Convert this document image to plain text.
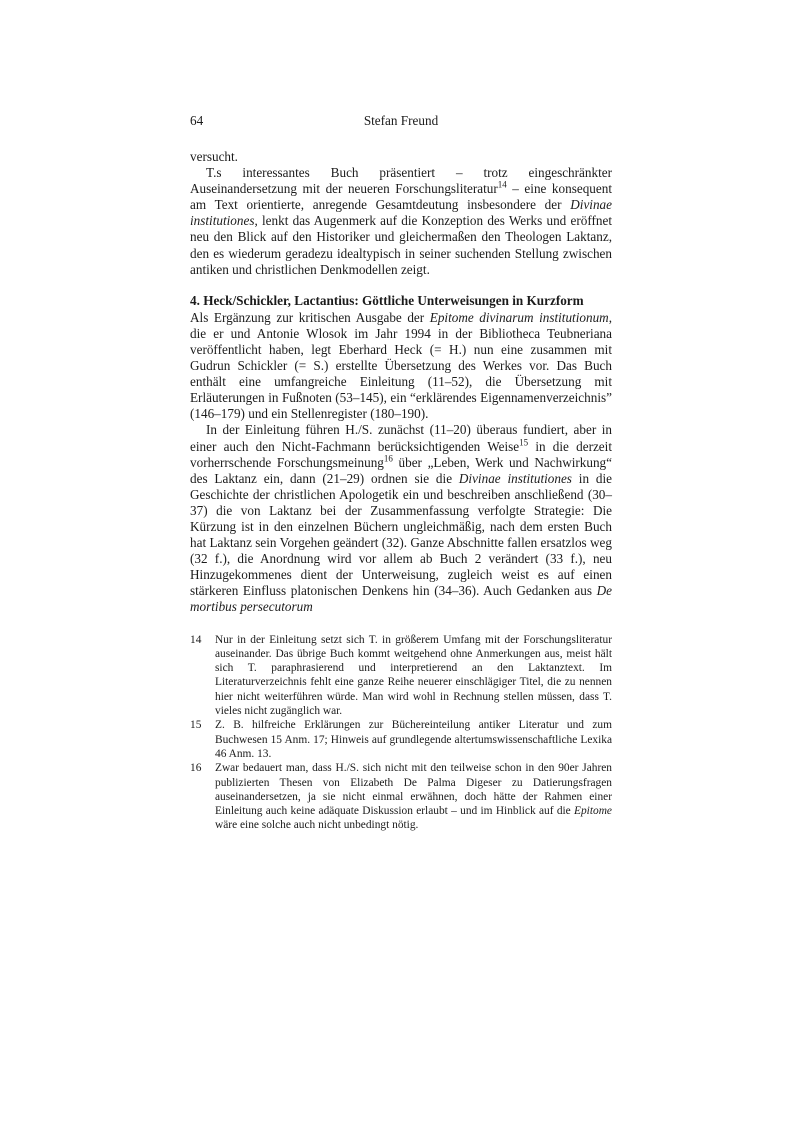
64	Stefan Freund

versucht.

T.s interessantes Buch präsentiert – trotz eingeschränkter Auseinandersetzung mit der neueren Forschungsliteratur$^{14}$ – eine konsequent am Text orientierte, anregende Gesamtdeutung insbesondere der Divinae institutiones, lenkt das Augenmerk auf die Konzeption des Werks und eröffnet neu den Blick auf den Historiker und gleichermaßen den Theologen Laktanz, den es wiederum geradezu idealtypisch in seiner suchenden Stellung zwischen antiken und christlichen Denkmodellen zeigt.

4. Heck/Schickler, Lactantius: Göttliche Unterweisungen in Kurzform

Als Ergänzung zur kritischen Ausgabe der Epitome divinarum institutionum, die er und Antonie Wlosok im Jahr 1994 in der Bibliotheca Teubneriana veröffentlicht haben, legt Eberhard Heck (= H.) nun eine zusammen mit Gudrun Schickler (= S.) erstellte Übersetzung des Werkes vor. Das Buch enthält eine umfangreiche Einleitung (11–52), die Übersetzung mit Erläuterungen in Fußnoten (53–145), ein “erklärendes Eigennamenverzeichnis” (146–179) und ein Stellenregister (180–190).

In der Einleitung führen H./S. zunächst (11–20) überaus fundiert, aber in einer auch den Nicht-Fachmann berücksichtigenden Weise$^{15}$ in die derzeit vorherrschende Forschungsmeinung$^{16}$ über „Leben, Werk und Nachwirkung“ des Laktanz ein, dann (21–29) ordnen sie die Divinae institutiones in die Geschichte der christlichen Apologetik ein und beschreiben anschließend (30–37) die von Laktanz bei der Zusammenfassung verfolgte Strategie: Die Kürzung ist in den einzelnen Büchern ungleichmäßig, nach dem ersten Buch hat Laktanz sein Vorgehen geändert (32). Ganze Abschnitte fallen ersatzlos weg (32 f.), die Anordnung wird vor allem ab Buch 2 verändert (33 f.), neu Hinzugekommenes dient der Unterweisung, zugleich weist es auf einen stärkeren Einfluss platonischen Denkens hin (34–36). Auch Gedanken aus De mortibus persecutorum

14	Nur in der Einleitung setzt sich T. in größerem Umfang mit der Forschungsliteratur auseinander. Das übrige Buch kommt weitgehend ohne Anmerkungen aus, meist hält sich T. paraphrasierend und interpretierend an den Laktanztext. Im Literaturverzeichnis fehlt eine ganze Reihe neuerer einschlägiger Titel, die zu nennen hier nicht weiterführen würde. Man wird wohl in Rechnung stellen müssen, dass T. vieles nicht zugänglich war.
15	Z. B. hilfreiche Erklärungen zur Büchereinteilung antiker Literatur und zum Buchwesen 15 Anm. 17; Hinweis auf grundlegende altertumswissenschaftliche Lexika 46 Anm. 13.
16	Zwar bedauert man, dass H./S. sich nicht mit den teilweise schon in den 90er Jahren publizierten Thesen von Elizabeth De Palma Digeser zu Datierungsfragen auseinandersetzen, ja sie nicht einmal erwähnen, doch hätte der Rahmen einer Einleitung auch keine adäquate Diskussion erlaubt – und im Hinblick auf die Epitome wäre eine solche auch nicht unbedingt nötig.
